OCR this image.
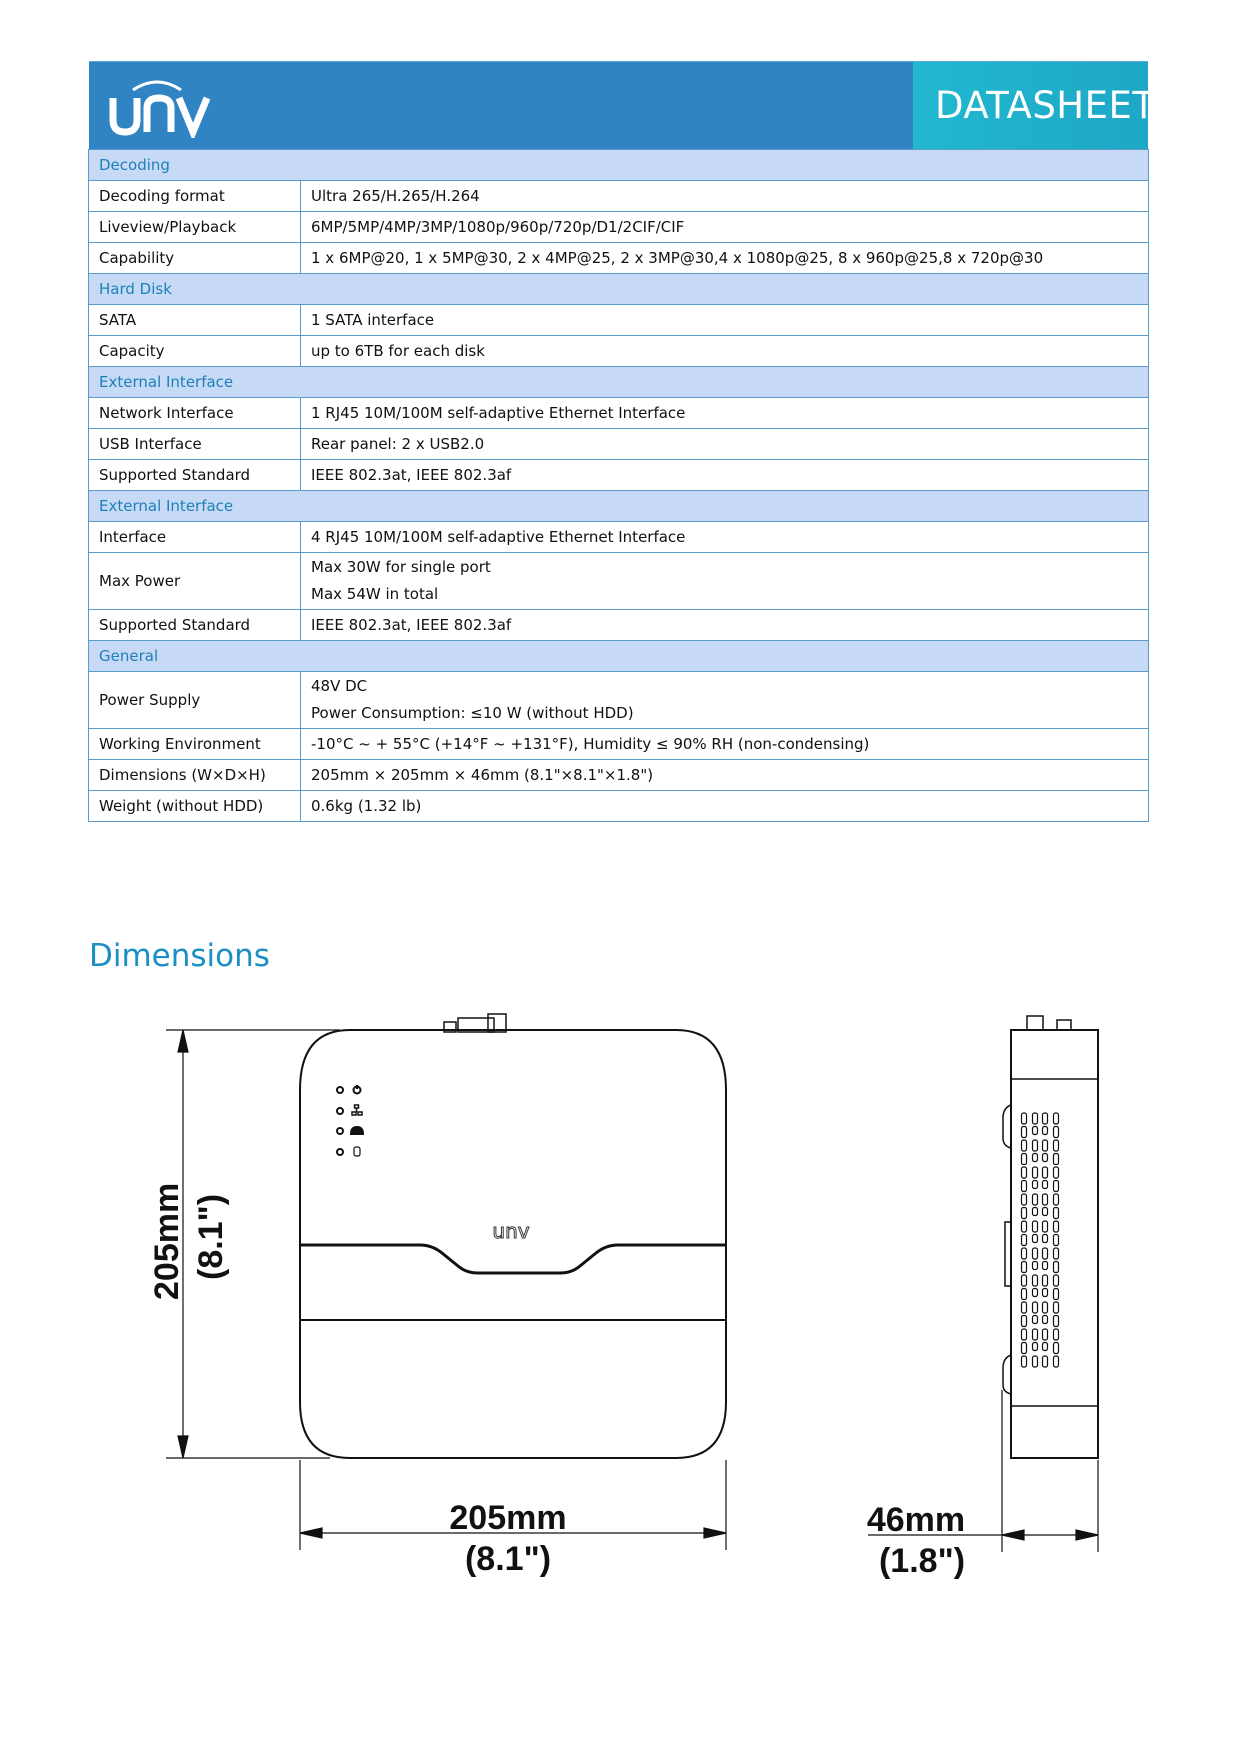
DATASHEET
Decoding	
Decoding format	Ultra 265/H.265/H.264

Liveview/Playback	6MP/5MP/4MP/3MP/1080p/960p/720p/D1/2CIF/CIF

Capability	1 x 6MP@20, 1 x 5MP@30, 2 x 4MP@25, 2 x 3MP@30,4 x 1080p@25, 8 x 960p@25,8 x 720p@30

Hard Disk	
SATA	1 SATA interface

Capacity	up to 6TB for each disk

External Interface	
Network Interface	1 RJ45 10M/100M self-adaptive Ethernet Interface

USB Interface	Rear panel: 2 x USB2.0

Supported Standard	IEEE 802.3at, IEEE 802.3af

External Interface	
Interface	4 RJ45 10M/100M self-adaptive Ethernet Interface

Max Power	Max 30W for single port
Max 54W in total

Supported Standard	IEEE 802.3at, IEEE 802.3af

General	
Power Supply	48V DC
Power Consumption: ≤10 W (without HDD)

Working Environment	-10°C ~ + 55°C (+14°F ~ +131°F), Humidity ≤ 90% RH (non-condensing)

Dimensions (W×D×H)	205mm × 205mm × 46mm (8.1"×8.1"×1.8")

Weight (without HDD)	0.6kg (1.32 lb)
Dimensions
unv
205mm (8.1")
205mm
(8.1")
46mm
(1.8")
